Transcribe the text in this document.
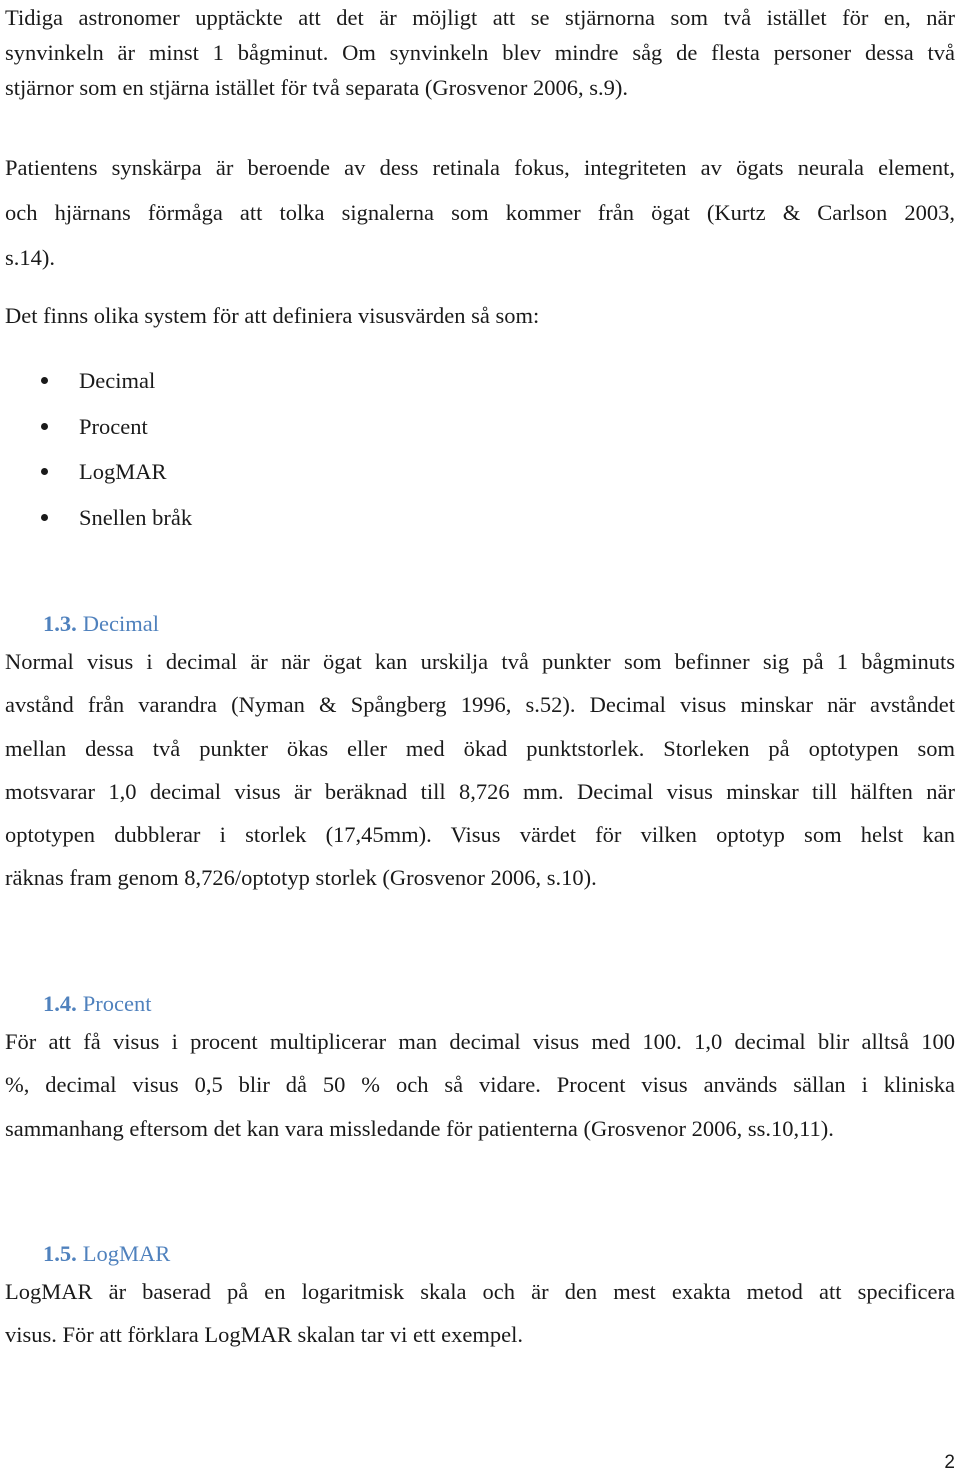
Tidiga astronomer upptäckte att det är möjligt att se stjärnorna som två istället för en, när
synvinkeln är minst 1 bågminut. Om synvinkeln blev mindre såg de flesta personer dessa två
stjärnor som en stjärna istället för två separata (Grosvenor 2006, s.9).
Patientens synskärpa är beroende av dess retinala fokus, integriteten av ögats neurala element,
och hjärnans förmåga att tolka signalerna som kommer från ögat (Kurtz & Carlson 2003,
s.14).
Det finns olika system för att definiera visusvärden så som:
Decimal
Procent
LogMAR
Snellen bråk
1.3. Decimal
Normal visus i decimal är när ögat kan urskilja två punkter som befinner sig på 1 bågminuts
avstånd från varandra (Nyman & Spångberg 1996, s.52). Decimal visus minskar när avståndet
mellan dessa två punkter ökas eller med ökad punktstorlek. Storleken på optotypen som
motsvarar 1,0 decimal visus är beräknad till 8,726 mm. Decimal visus minskar till hälften när
optotypen dubblerar i storlek (17,45mm). Visus värdet för vilken optotyp som helst kan
räknas fram genom 8,726/optotyp storlek (Grosvenor 2006, s.10).
1.4. Procent
För att få visus i procent multiplicerar man decimal visus med 100. 1,0 decimal blir alltså 100
%, decimal visus 0,5 blir då 50 % och så vidare. Procent visus används sällan i kliniska
sammanhang eftersom det kan vara missledande för patienterna (Grosvenor 2006, ss.10,11).
1.5. LogMAR
LogMAR är baserad på en logaritmisk skala och är den mest exakta metod att specificera
visus. För att förklara LogMAR skalan tar vi ett exempel.
2
